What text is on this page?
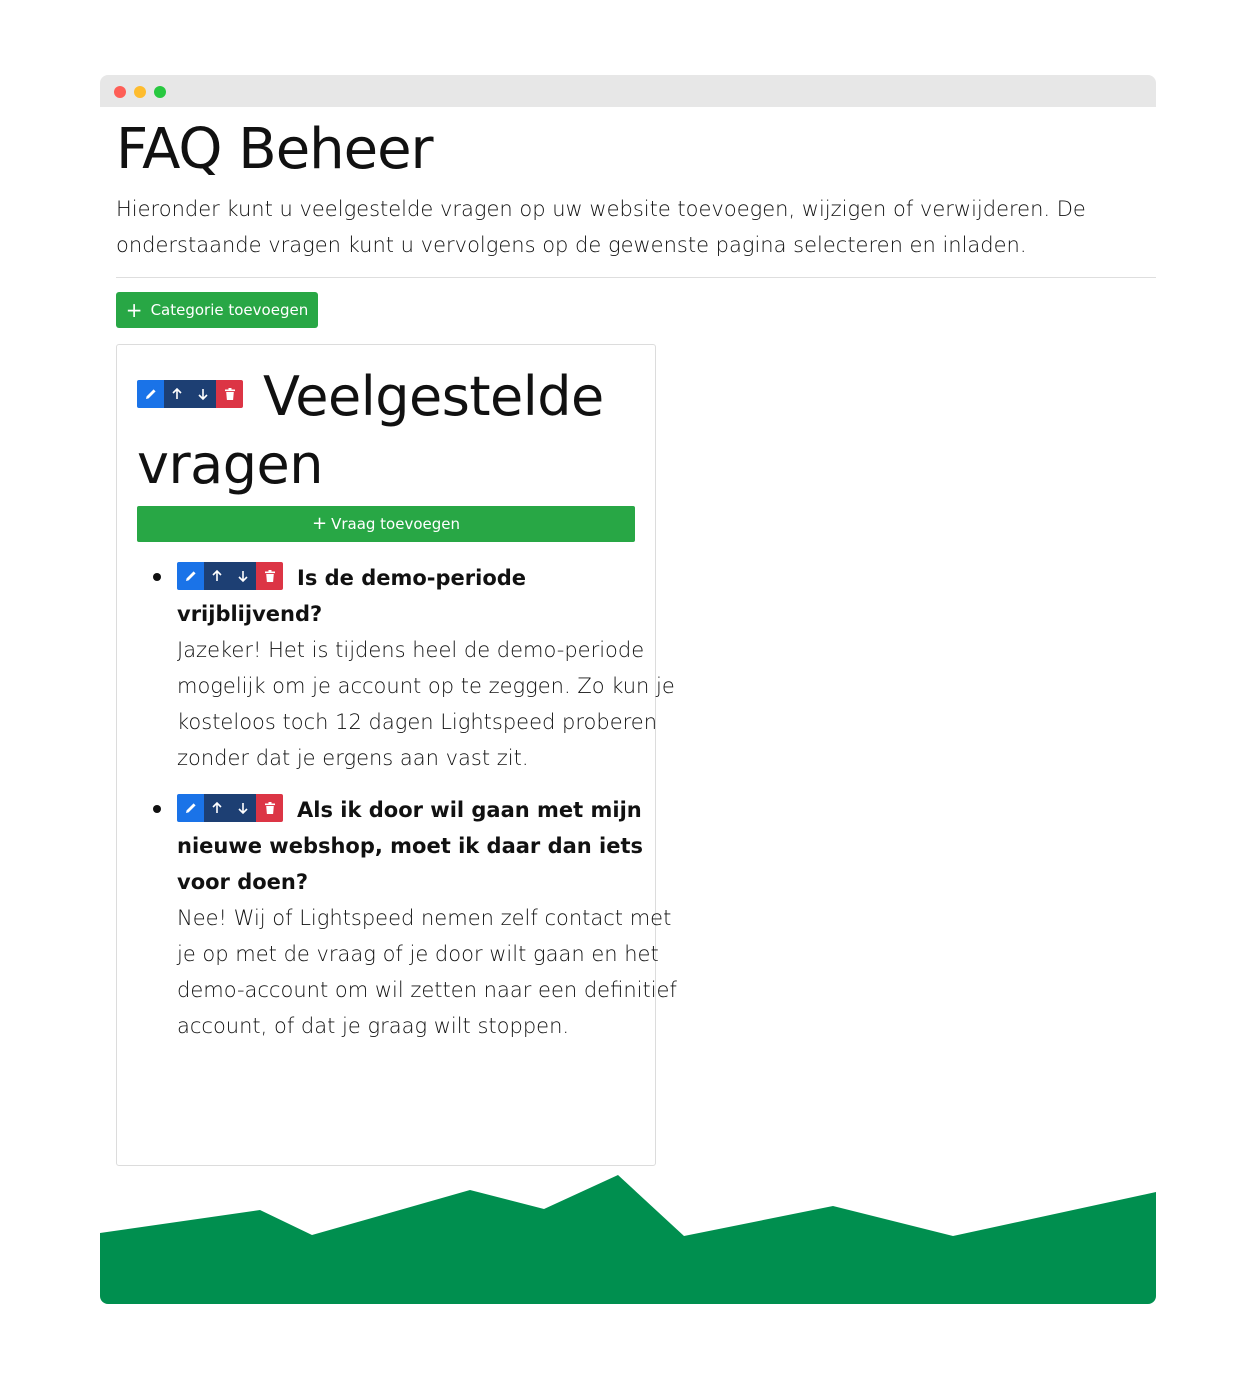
FAQ Beheer

Hieronder kunt u veelgestelde vragen op uw website toevoegen, wijzigen of verwijderen. De onderstaande vragen kunt u vervolgens op de gewenste pagina selecteren en inladen.

+ Categorie toevoegen
Veelgestelde vragen
+ Vraag toevoegen
Is de demo-periode vrijblijvend?
Jazeker! Het is tijdens heel de demo-periode mogelijk om je account op te zeggen. Zo kun je kosteloos toch 12 dagen Lightspeed proberen zonder dat je ergens aan vast zit.
Als ik door wil gaan met mijn nieuwe webshop, moet ik daar dan iets voor doen?
Nee! Wij of Lightspeed nemen zelf contact met je op met de vraag of je door wilt gaan en het demo-account om wil zetten naar een definitief account, of dat je graag wilt stoppen.
